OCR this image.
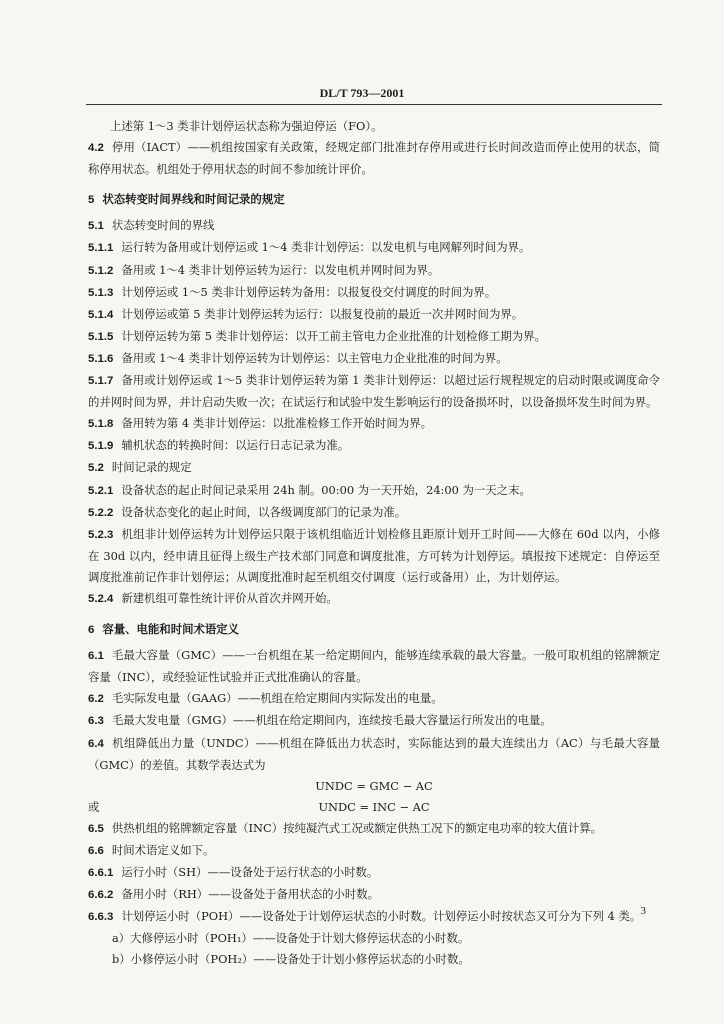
DL/T 793—2001

上述第 1～3 类非计划停运状态称为强迫停运（FO）。

4.2 停用（IACT）——机组按国家有关政策，经规定部门批准封存停用或进行长时间改造而停止使用的状态，简称停用状态。机组处于停用状态的时间不参加统计评价。

5 状态转变时间界线和时间记录的规定

5.1 状态转变时间的界线

5.1.1 运行转为备用或计划停运或 1～4 类非计划停运：以发电机与电网解列时间为界。

5.1.2 备用或 1～4 类非计划停运转为运行：以发电机并网时间为界。

5.1.3 计划停运或 1～5 类非计划停运转为备用：以报复役交付调度的时间为界。

5.1.4 计划停运或第 5 类非计划停运转为运行：以报复役前的最近一次并网时间为界。

5.1.5 计划停运转为第 5 类非计划停运：以开工前主管电力企业批准的计划检修工期为界。

5.1.6 备用或 1～4 类非计划停运转为计划停运：以主管电力企业批准的时间为界。

5.1.7 备用或计划停运或 1～5 类非计划停运转为第 1 类非计划停运：以超过运行规程规定的启动时限或调度命令的并网时间为界，并计启动失败一次；在试运行和试验中发生影响运行的设备损坏时，以设备损坏发生时间为界。

5.1.8 备用转为第 4 类非计划停运：以批准检修工作开始时间为界。

5.1.9 辅机状态的转换时间：以运行日志记录为准。

5.2 时间记录的规定

5.2.1 设备状态的起止时间记录采用 24h 制。00:00 为一天开始，24:00 为一天之末。

5.2.2 设备状态变化的起止时间，以各级调度部门的记录为准。

5.2.3 机组非计划停运转为计划停运只限于该机组临近计划检修且距原计划开工时间——大修在 60d 以内，小修在 30d 以内，经申请且征得上级生产技术部门同意和调度批准，方可转为计划停运。填报按下述规定：自停运至调度批准前记作非计划停运；从调度批准时起至机组交付调度（运行或备用）止，为计划停运。

5.2.4 新建机组可靠性统计评价从首次并网开始。

6 容量、电能和时间术语定义

6.1 毛最大容量（GMC）——一台机组在某一给定期间内，能够连续承载的最大容量。一般可取机组的铭牌额定容量（INC），或经验证性试验并正式批准确认的容量。

6.2 毛实际发电量（GAAG）——机组在给定期间内实际发出的电量。

6.3 毛最大发电量（GMG）——机组在给定期间内，连续按毛最大容量运行所发出的电量。

6.4 机组降低出力量（UNDC）——机组在降低出力状态时，实际能达到的最大连续出力（AC）与毛最大容量（GMC）的差值。其数学表达式为

UNDC = GMC − AC

或	UNDC = INC − AC

6.5 供热机组的铭牌额定容量（INC）按纯凝汽式工况或额定供热工况下的额定电功率的较大值计算。

6.6 时间术语定义如下。

6.6.1 运行小时（SH）——设备处于运行状态的小时数。

6.6.2 备用小时（RH）——设备处于备用状态的小时数。

6.6.3 计划停运小时（POH）——设备处于计划停运状态的小时数。计划停运小时按状态又可分为下列 4 类。

a）大修停运小时（POH₁）——设备处于计划大修停运状态的小时数。

b）小修停运小时（POH₂）——设备处于计划小修停运状态的小时数。

3
